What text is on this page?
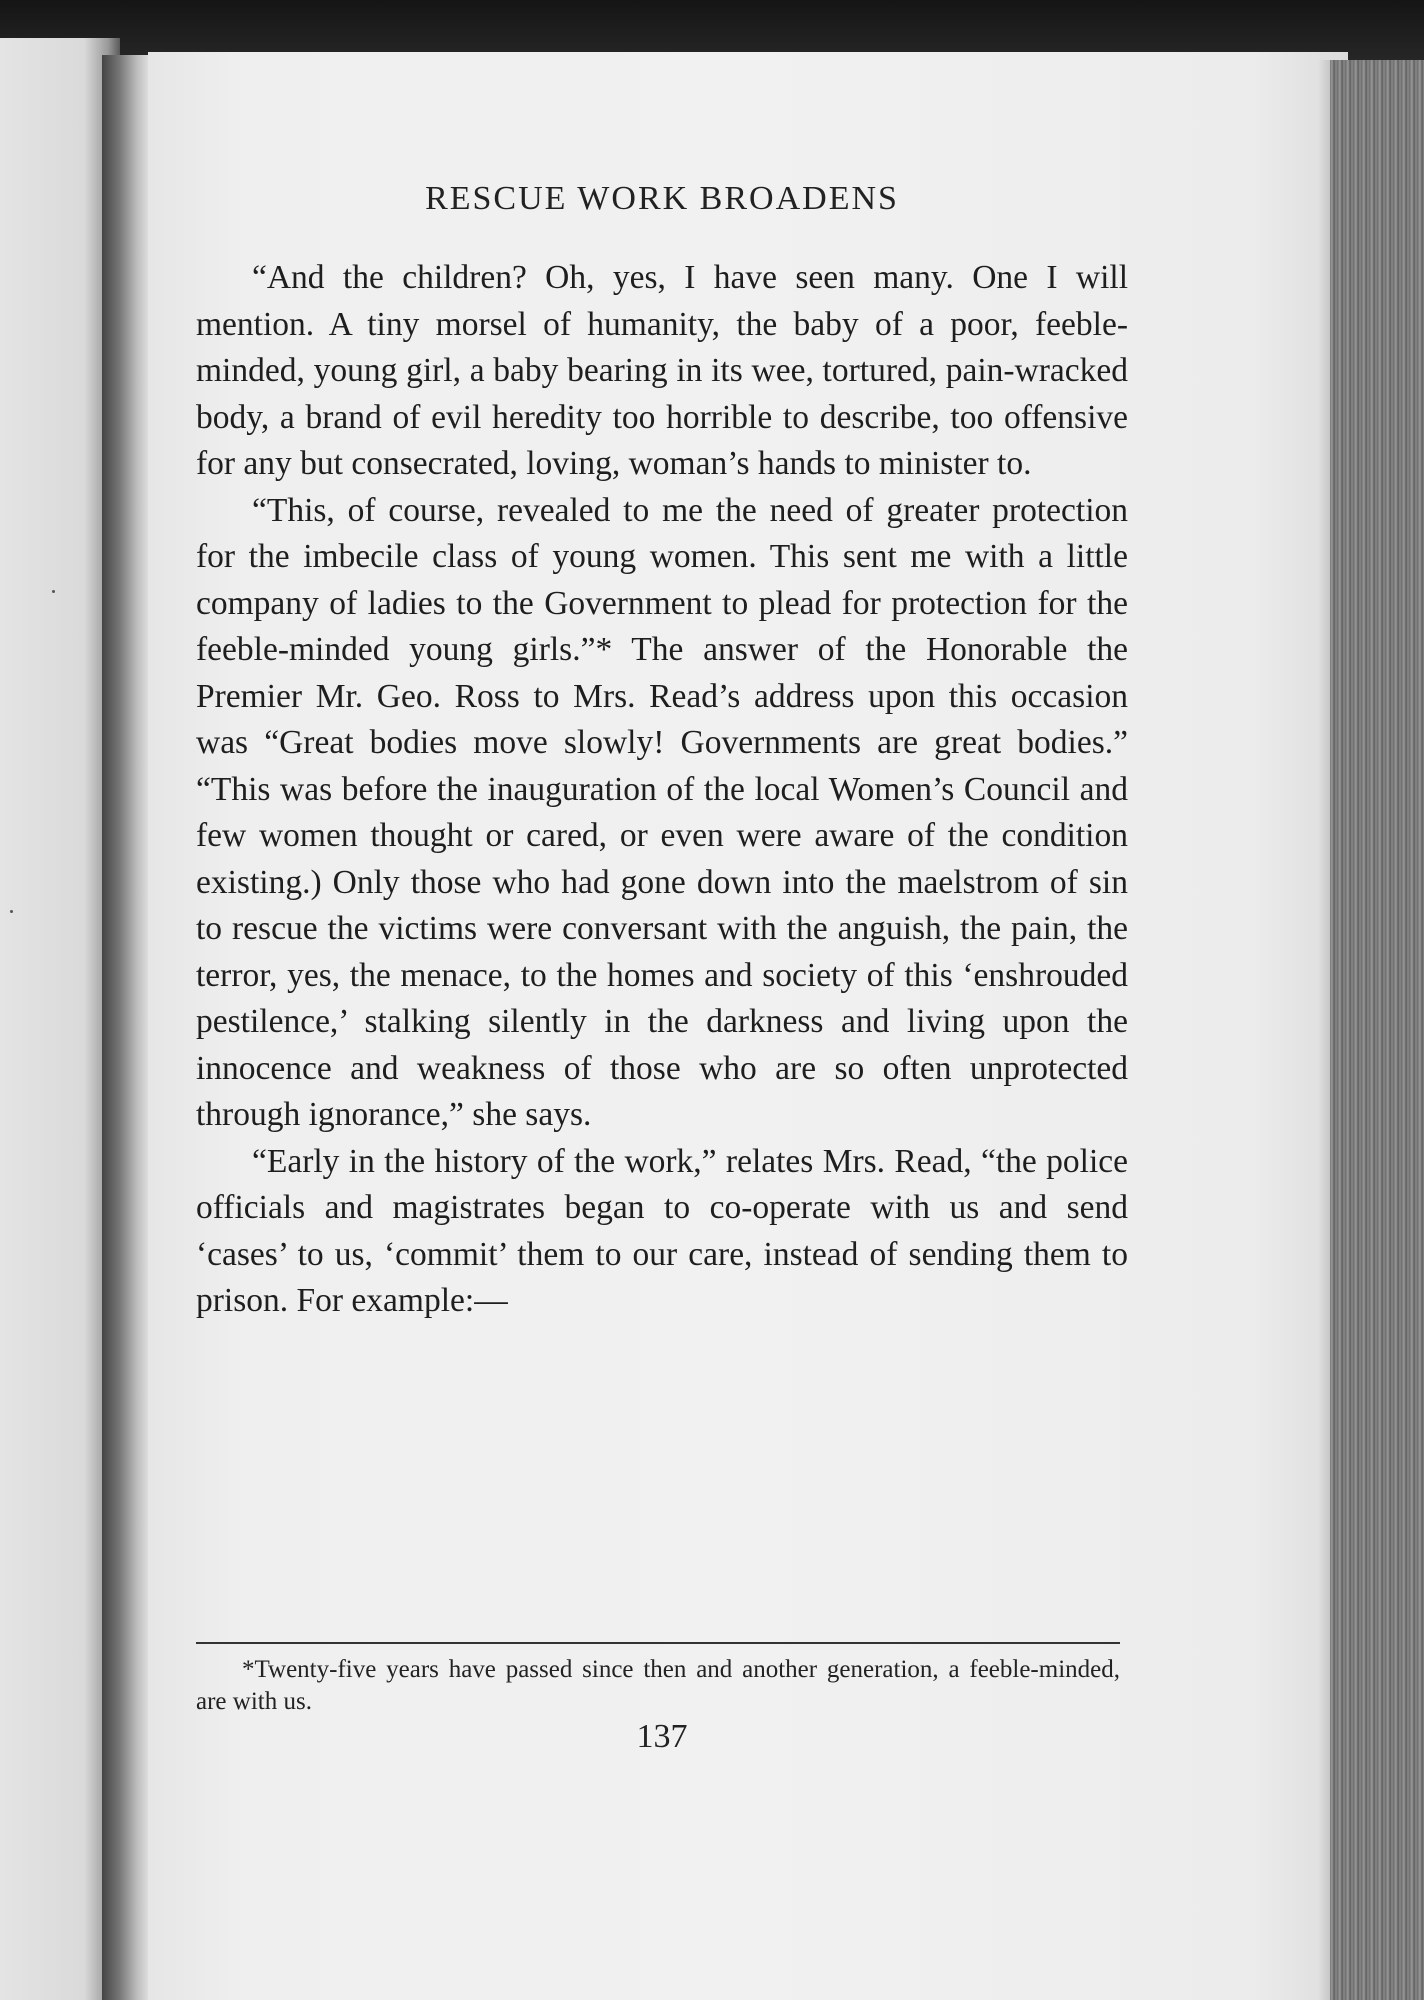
RESCUE WORK BROADENS

“And the children? Oh, yes, I have seen many. One I will mention. A tiny morsel of humanity, the baby of a poor, feeble-minded, young girl, a baby bearing in its wee, tortured, pain-wracked body, a brand of evil heredity too horrible to describe, too offensive for any but consecrated, loving, woman’s hands to minister to.

“This, of course, revealed to me the need of greater protection for the imbecile class of young women. This sent me with a little company of ladies to the Government to plead for protection for the feeble-minded young girls.”* The answer of the Honorable the Premier Mr. Geo. Ross to Mrs. Read’s address upon this occasion was “Great bodies move slowly! Governments are great bodies.” “This was before the inauguration of the local Women’s Council and few women thought or cared, or even were aware of the condition existing.) Only those who had gone down into the maelstrom of sin to rescue the victims were conversant with the anguish, the pain, the terror, yes, the menace, to the homes and society of this ‘enshrouded pestilence,’ stalking silently in the darkness and living upon the innocence and weakness of those who are so often unprotected through ignorance,” she says.

“Early in the history of the work,” relates Mrs. Read, “the police officials and magistrates began to co-operate with us and send ‘cases’ to us, ‘commit’ them to our care, instead of sending them to prison. For example:—

*Twenty-five years have passed since then and another generation, a feeble-minded, are with us.

137
